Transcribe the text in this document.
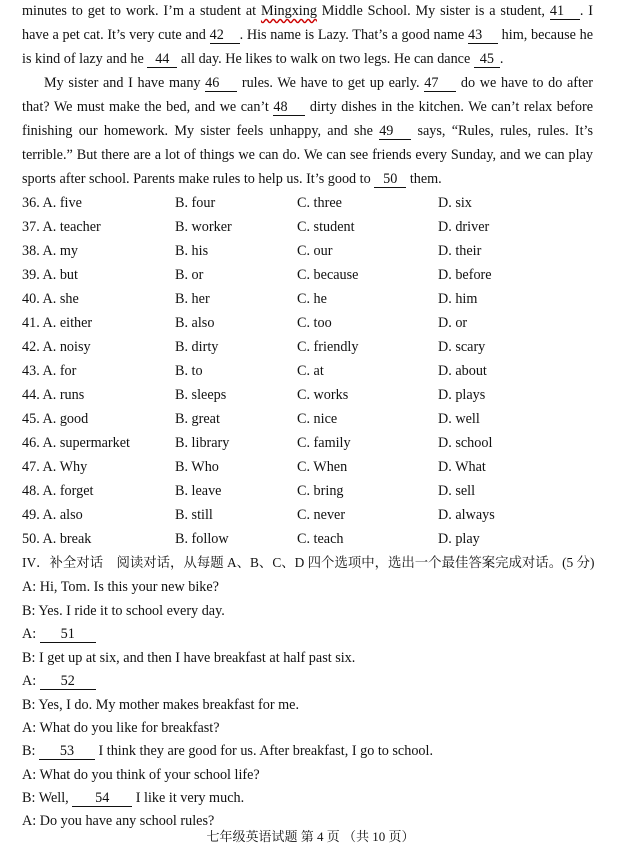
minutes to get to work. I’m a student at Mingxing Middle School. My sister is a student, 41 . I
have a pet cat. It’s very cute and 42 . His name is Lazy. That’s a good name 43 him, because he
is kind of lazy and he 44 all day. He likes to walk on two legs. He can dance 45 .
My sister and I have many 46 rules. We have to get up early. 47 do we have to do after
that? We must make the bed, and we can’t 48 dirty dishes in the kitchen. We can’t relax before
finishing our homework. My sister feels unhappy, and she 49 says, “Rules, rules, rules. It’s
terrible.” But there are a lot of things we can do. We can see friends every Sunday, and we can play
sports after school. Parents make rules to help us. It’s good to 50 them.
36. A. five	B. four	C. three	D. six
37. A. teacher	B. worker	C. student	D. driver
38. A. my	B. his	C. our	D. their
39. A. but	B. or	C. because	D. before
40. A. she	B. her	C. he	D. him
41. A. either	B. also	C. too	D. or
42. A. noisy	B. dirty	C. friendly	D. scary
43. A. for	B. to	C. at	D. about
44. A. runs	B. sleeps	C. works	D. plays
45. A. good	B. great	C. nice	D. well
46. A. supermarket	B. library	C. family	D. school
47. A. Why	B. Who	C. When	D. What
48. A. forget	B. leave	C. bring	D. sell
49. A. also	B. still	C. never	D. always
50. A. break	B. follow	C. teach	D. play
IV．补全对话　阅读对话，从每题 A、B、C、D 四个选项中，选出一个最佳答案完成对话。(5 分)
A: Hi, Tom. Is this your new bike?
B: Yes. I ride it to school every day.
A: 51
B: I get up at six, and then I have breakfast at half past six.
A: 52
B: Yes, I do. My mother makes breakfast for me.
A: What do you like for breakfast?
B: 53 I think they are good for us. After breakfast, I go to school.
A: What do you think of your school life?
B: Well, 54 I like it very much.
A: Do you have any school rules?
七年级英语试题 第 4 页 （共 10 页）
